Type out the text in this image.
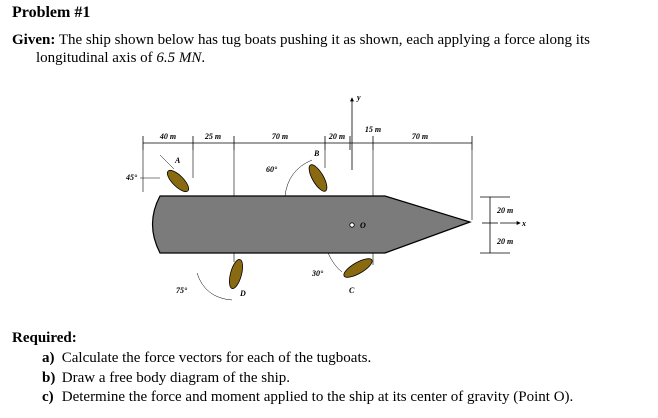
Problem #1
Given: The ship shown below has tug boats pushing it as shown, each applying a force along its
longitudinal axis of 6.5 MN.
40 m	25 m	70 m	20 m
15 m
70 m
y
O
20 m
20 m
x
A
45°
B
60°
30°
C
75°	D
Required:
a) Calculate the force vectors for each of the tugboats.
b) Draw a free body diagram of the ship.
c) Determine the force and moment applied to the ship at its center of gravity (Point O).
